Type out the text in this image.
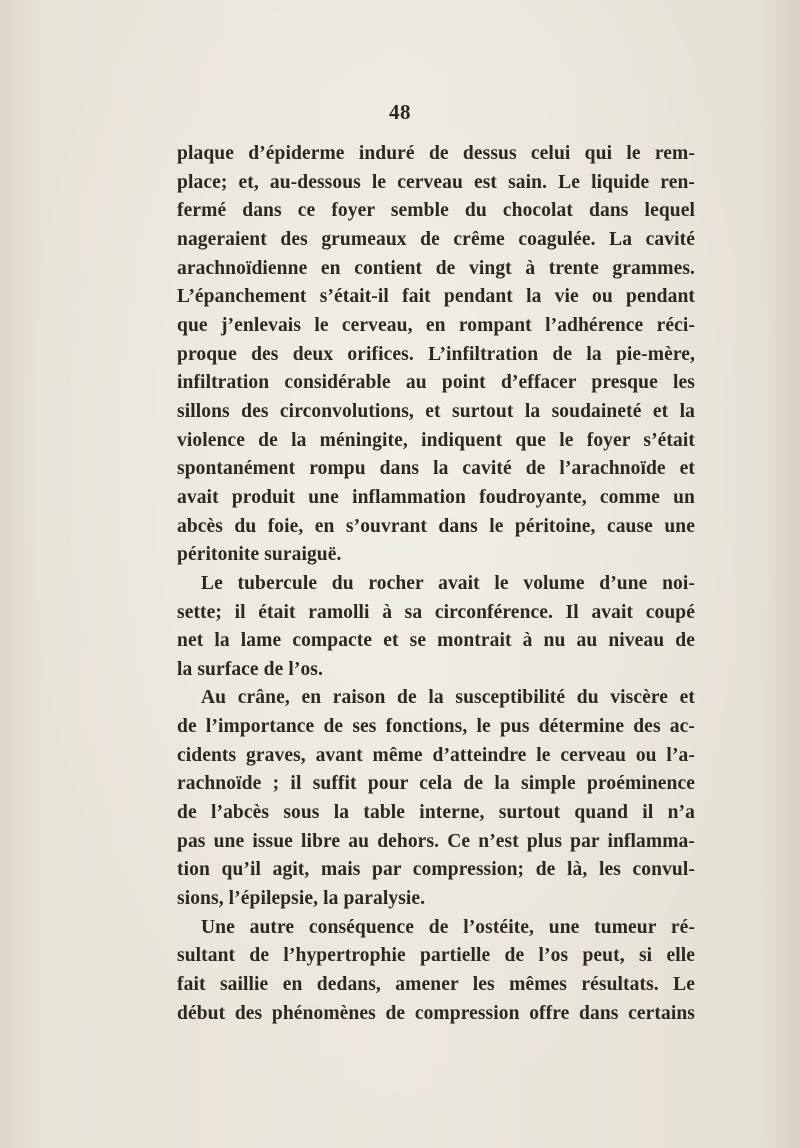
48
plaque d’épiderme induré de dessus celui qui le rem-
place; et, au-dessous le cerveau est sain. Le liquide ren-
fermé dans ce foyer semble du chocolat dans lequel
nageraient des grumeaux de crême coagulée. La cavité
arachnoïdienne en contient de vingt à trente grammes.
L’épanchement s’était-il fait pendant la vie ou pendant
que j’enlevais le cerveau, en rompant l’adhérence réci-
proque des deux orifices. L’infiltration de la pie-mère,
infiltration considérable au point d’effacer presque les
sillons des circonvolutions, et surtout la soudaineté et la
violence de la méningite, indiquent que le foyer s’était
spontanément rompu dans la cavité de l’arachnoïde et
avait produit une inflammation foudroyante, comme un
abcès du foie, en s’ouvrant dans le péritoine, cause une
péritonite suraiguë.
Le tubercule du rocher avait le volume d’une noi-
sette; il était ramolli à sa circonférence. Il avait coupé
net la lame compacte et se montrait à nu au niveau de
la surface de l’os.
Au crâne, en raison de la susceptibilité du viscère et
de l’importance de ses fonctions, le pus détermine des ac-
cidents graves, avant même d’atteindre le cerveau ou l’a-
rachnoïde ; il suffit pour cela de la simple proéminence
de l’abcès sous la table interne, surtout quand il n’a
pas une issue libre au dehors. Ce n’est plus par inflamma-
tion qu’il agit, mais par compression; de là, les convul-
sions, l’épilepsie, la paralysie.
Une autre conséquence de l’ostéite, une tumeur ré-
sultant de l’hypertrophie partielle de l’os peut, si elle
fait saillie en dedans, amener les mêmes résultats. Le
début des phénomènes de compression offre dans certains
